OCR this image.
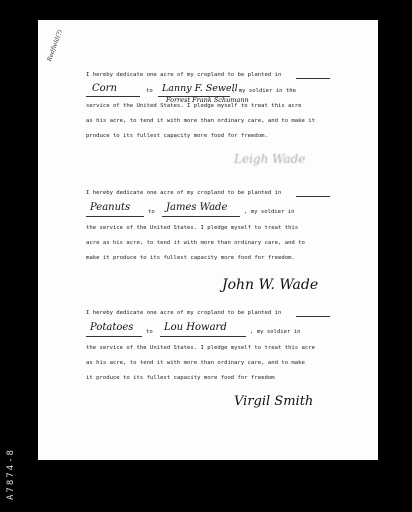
Redfield(?)
I hereby dedicate one acre of my cropland to be planted in
Corn	to Lanny F. Sewell
, my soldier in the
Forrest Frank Schumann
service of the United States. I pledge myself to treat this acre
as his acre, to tend it with more than ordinary care, and to make it
produce to its fullest capacity more food for freedom.
Leigh Wade
I hereby dedicate one acre of my cropland to be planted in
Peanuts	to James Wade	, my soldier in
the service of the United States. I pledge myself to treat this
acre as his acre, to tend it with more than ordinary care, and to
make it produce to its fullest capacity more food for freedom.
John W. Wade
I hereby dedicate one acre of my cropland to be planted in
Potatoes to Lou Howard	, my soldier in
the service of the United States. I pledge myself to treat this acre
as his acre, to tend it with more than ordinary care, and to make
it produce to its fullest capacity more food for freedom
Virgil Smith
A7874-8
